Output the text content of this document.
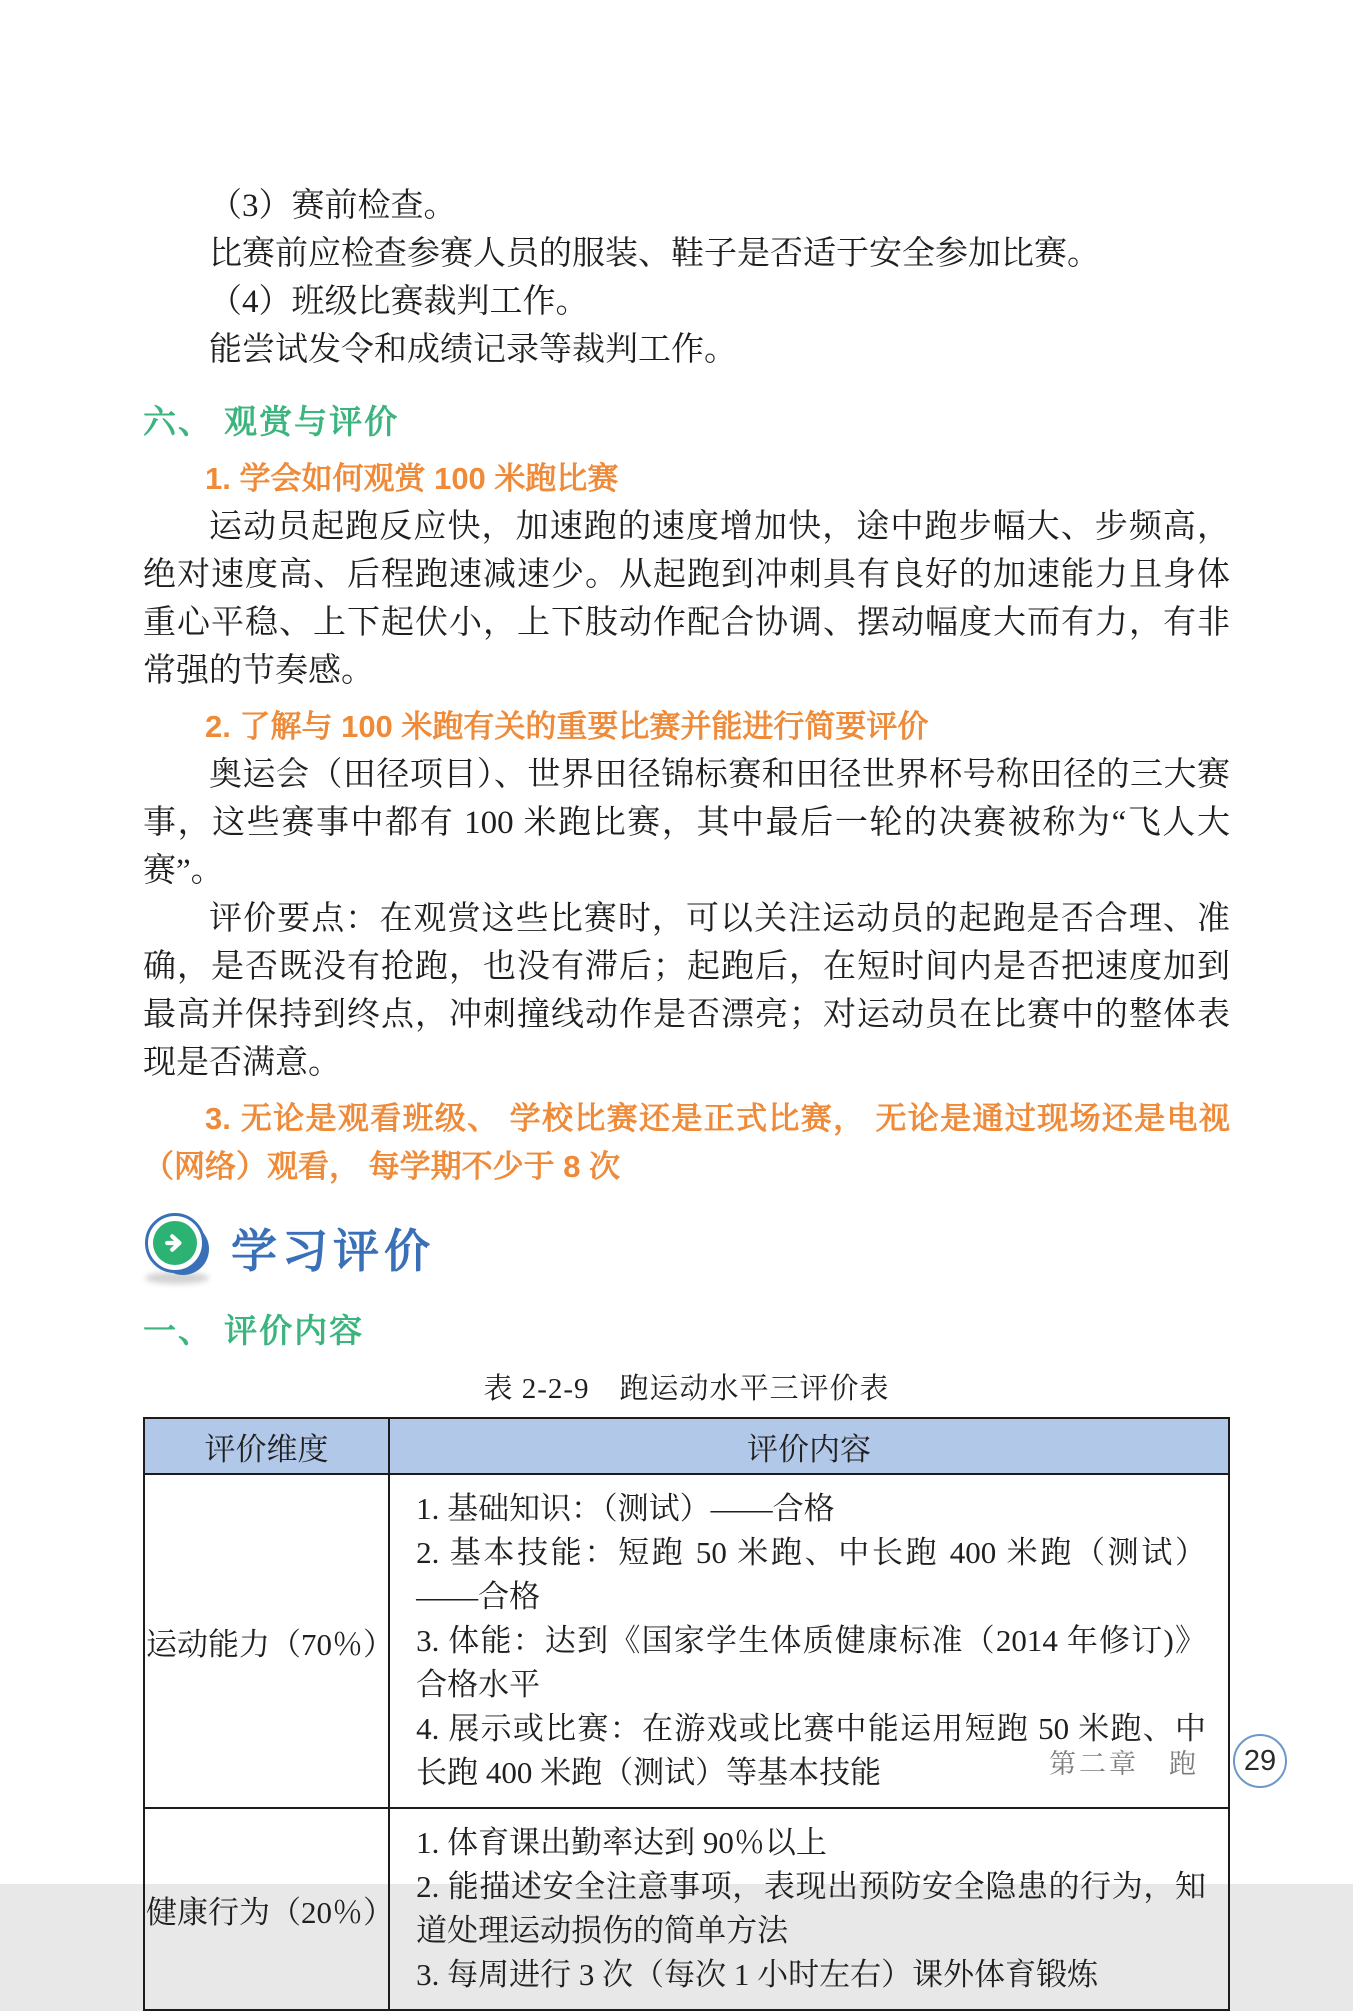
（3）赛前检查。

比赛前应检查参赛人员的服装、鞋子是否适于安全参加比赛。

（4）班级比赛裁判工作。

能尝试发令和成绩记录等裁判工作。

六、 观赏与评价

1. 学会如何观赏 100 米跑比赛

运动员起跑反应快，加速跑的速度增加快，途中跑步幅大、步频高，绝对速度高、后程跑速减速少。从起跑到冲刺具有良好的加速能力且身体重心平稳、上下起伏小，上下肢动作配合协调、摆动幅度大而有力，有非常强的节奏感。

2. 了解与 100 米跑有关的重要比赛并能进行简要评价

奥运会（田径项目）、世界田径锦标赛和田径世界杯号称田径的三大赛事，这些赛事中都有 100 米跑比赛，其中最后一轮的决赛被称为“飞人大赛”。

评价要点：在观赏这些比赛时，可以关注运动员的起跑是否合理、准确，是否既没有抢跑，也没有滞后；起跑后，在短时间内是否把速度加到最高并保持到终点，冲刺撞线动作是否漂亮；对运动员在比赛中的整体表现是否满意。

3. 无论是观看班级、 学校比赛还是正式比赛， 无论是通过现场还是电视 （网络）观看， 每学期不少于 8 次

学习评价
一、 评价内容
表 2-2-9　跑运动水平三评价表
评价维度	评价内容
运动能力（70％）	1. 基础知识：（测试）——合格

2. 基本技能：短跑 50 米跑、中长跑 400 米跑（测试）——合格

3. 体能：达到《国家学生体质健康标准（2014 年修订)》合格水平

4. 展示或比赛：在游戏或比赛中能运用短跑 50 米跑、中长跑 400 米跑（测试）等基本技能

健康行为（20％）	1. 体育课出勤率达到 90％以上

2. 能描述安全注意事项，表现出预防安全隐患的行为，知道处理运动损伤的简单方法

3. 每周进行 3 次（每次 1 小时左右）课外体育锻炼

第二章　跑	29
